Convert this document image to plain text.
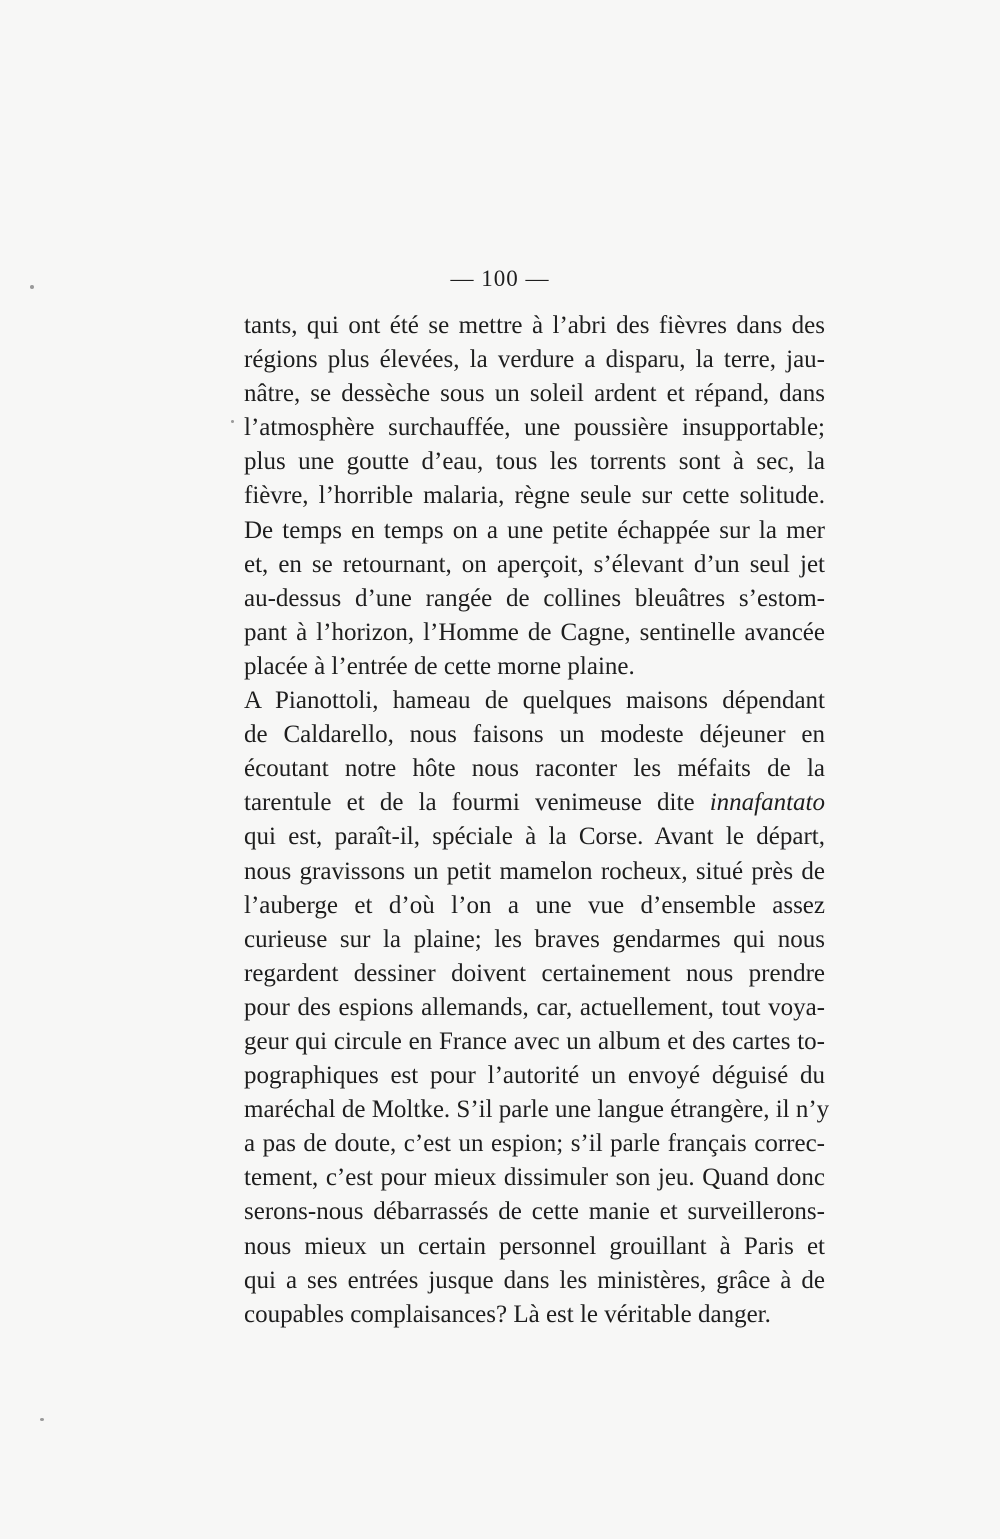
— 100 —
tants, qui ont été se mettre à l’abri des fièvres dans des
régions plus élevées, la verdure a disparu, la terre, jau-
nâtre, se dessèche sous un soleil ardent et répand, dans
l’atmosphère surchauffée, une poussière insupportable;
plus une goutte d’eau, tous les torrents sont à sec, la
fièvre, l’horrible malaria, règne seule sur cette solitude.
De temps en temps on a une petite échappée sur la mer
et, en se retournant, on aperçoit, s’élevant d’un seul jet
au-dessus d’une rangée de collines bleuâtres s’estom-
pant à l’horizon, l’Homme de Cagne, sentinelle avancée
placée à l’entrée de cette morne plaine.
A Pianottoli, hameau de quelques maisons dépendant
de Caldarello, nous faisons un modeste déjeuner en
écoutant notre hôte nous raconter les méfaits de la
tarentule et de la fourmi venimeuse dite innafantato
qui est, paraît-il, spéciale à la Corse. Avant le départ,
nous gravissons un petit mamelon rocheux, situé près de
l’auberge et d’où l’on a une vue d’ensemble assez
curieuse sur la plaine; les braves gendarmes qui nous
regardent dessiner doivent certainement nous prendre
pour des espions allemands, car, actuellement, tout voya-
geur qui circule en France avec un album et des cartes to-
pographiques est pour l’autorité un envoyé déguisé du
maréchal de Moltke. S’il parle une langue étrangère, il n’y
a pas de doute, c’est un espion; s’il parle français correc-
tement, c’est pour mieux dissimuler son jeu. Quand donc
serons-nous débarrassés de cette manie et surveillerons-
nous mieux un certain personnel grouillant à Paris et
qui a ses entrées jusque dans les ministères, grâce à de
coupables complaisances? Là est le véritable danger.
